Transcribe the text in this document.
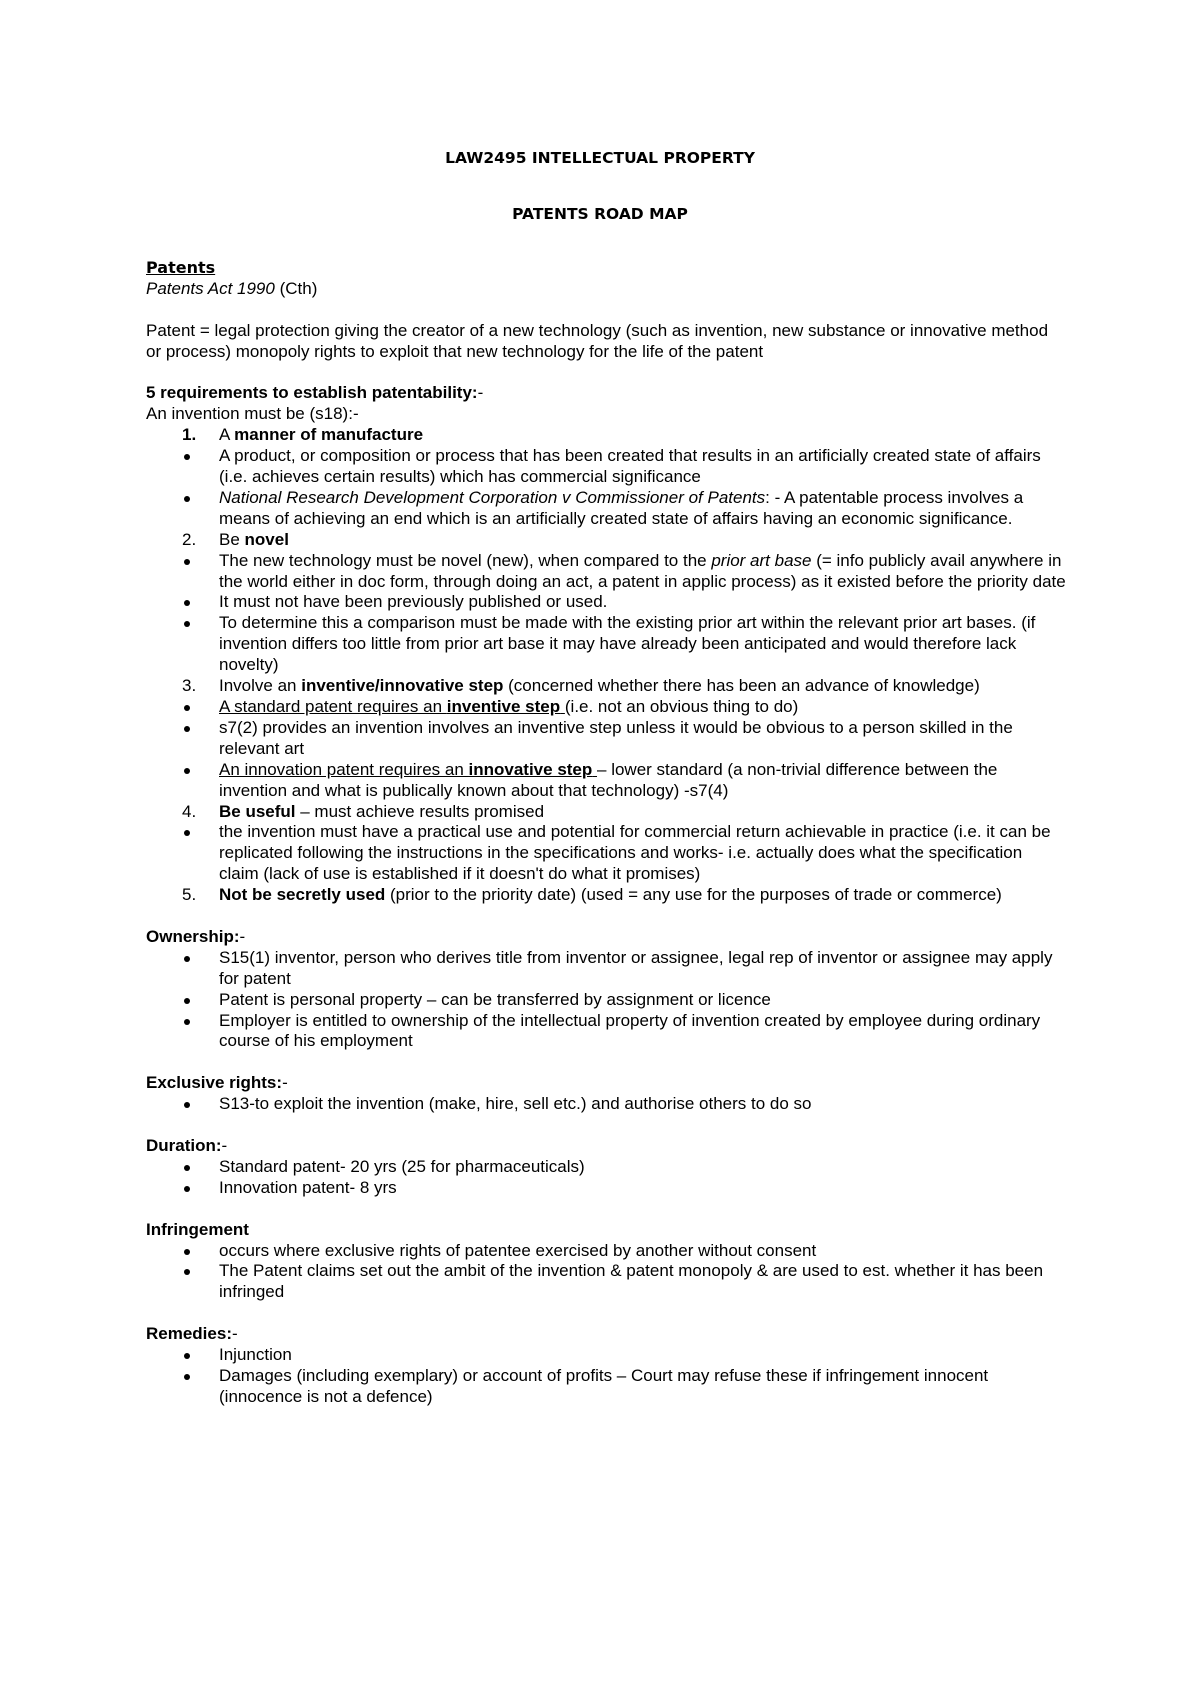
LAW2495 INTELLECTUAL PROPERTY
PATENTS ROAD MAP

Patents

Patents Act 1990 (Cth)

Patent = legal protection giving the creator of a new technology (such as invention, new substance or innovative method or process) monopoly rights to exploit that new technology for the life of the patent

5 requirements to establish patentability:-

An invention must be (s18):-

1. A manner of manufacture
A product, or composition or process that has been created that results in an artificially created state of affairs (i.e. achieves certain results) which has commercial significance
National Research Development Corporation v Commissioner of Patents: - A patentable process involves a means of achieving an end which is an artificially created state of affairs having an economic significance.
2. Be novel
The new technology must be novel (new), when compared to the prior art base (= info publicly avail anywhere in the world either in doc form, through doing an act, a patent in applic process) as it existed before the priority date
It must not have been previously published or used.
To determine this a comparison must be made with the existing prior art within the relevant prior art bases. (if invention differs too little from prior art base it may have already been anticipated and would therefore lack novelty)
3. Involve an inventive/innovative step (concerned whether there has been an advance of knowledge)
A standard patent requires an inventive step (i.e. not an obvious thing to do)
s7(2) provides an invention involves an inventive step unless it would be obvious to a person skilled in the relevant art
An innovation patent requires an innovative step – lower standard (a non-trivial difference between the invention and what is publically known about that technology) -s7(4)
4. Be useful – must achieve results promised
the invention must have a practical use and potential for commercial return achievable in practice (i.e. it can be replicated following the instructions in the specifications and works- i.e. actually does what the specification claim (lack of use is established if it doesn't do what it promises)
5. Not be secretly used (prior to the priority date) (used = any use for the purposes of trade or commerce)

Ownership:-

S15(1) inventor, person who derives title from inventor or assignee, legal rep of inventor or assignee may apply for patent
Patent is personal property – can be transferred by assignment or licence
Employer is entitled to ownership of the intellectual property of invention created by employee during ordinary course of his employment

Exclusive rights:-

S13-to exploit the invention (make, hire, sell etc.) and authorise others to do so

Duration:-

Standard patent- 20 yrs (25 for pharmaceuticals)
Innovation patent- 8 yrs

Infringement

occurs where exclusive rights of patentee exercised by another without consent
The Patent claims set out the ambit of the invention & patent monopoly & are used to est. whether it has been infringed

Remedies:-

Injunction
Damages (including exemplary) or account of profits – Court may refuse these if infringement innocent (innocence is not a defence)
